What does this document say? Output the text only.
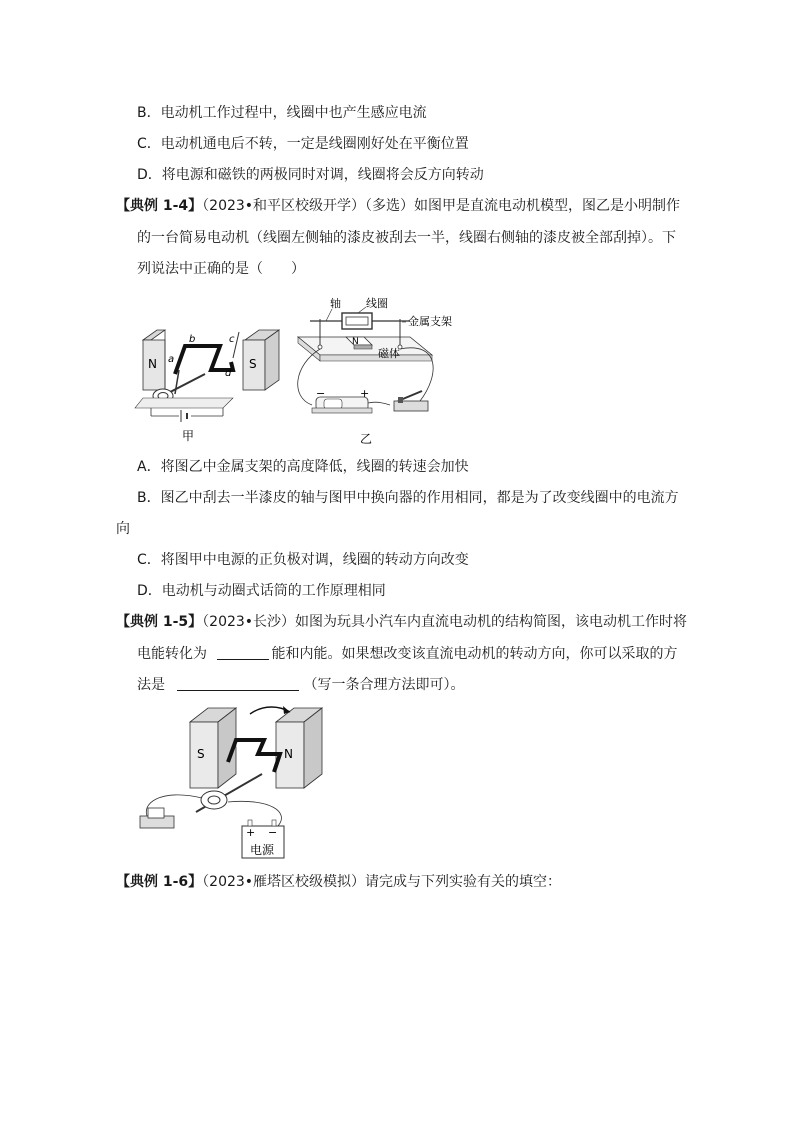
B．电动机工作过程中，线圈中也产生感应电流
C．电动机通电后不转，一定是线圈刚好处在平衡位置
D．将电源和磁铁的两极同时对调，线圈将会反方向转动
【典例 1-4】（2023•和平区校级开学）（多选）如图甲是直流电动机模型，图乙是小明制作
的一台简易电动机（线圈左侧轴的漆皮被刮去一半，线圈右侧轴的漆皮被全部刮掉）。下
列说法中正确的是（　　）
N	S
a
b	c
d
甲
轴 线圈
金属支架
磁体
N
−	+
乙
A．将图乙中金属支架的高度降低，线圈的转速会加快
B．图乙中刮去一半漆皮的轴与图甲中换向器的作用相同，都是为了改变线圈中的电流方
向
C．将图甲中电源的正负极对调，线圈的转动方向改变
D．电动机与动圈式话筒的工作原理相同
【典例 1-5】（2023•长沙）如图为玩具小汽车内直流电动机的结构简图，该电动机工作时将
电能转化为	能和内能。如果想改变该直流电动机的转动方向，你可以采取的方
法是	（写一条合理方法即可）。
S	N
+ −
电源
【典例 1-6】（2023•雁塔区校级模拟）请完成与下列实验有关的填空：
